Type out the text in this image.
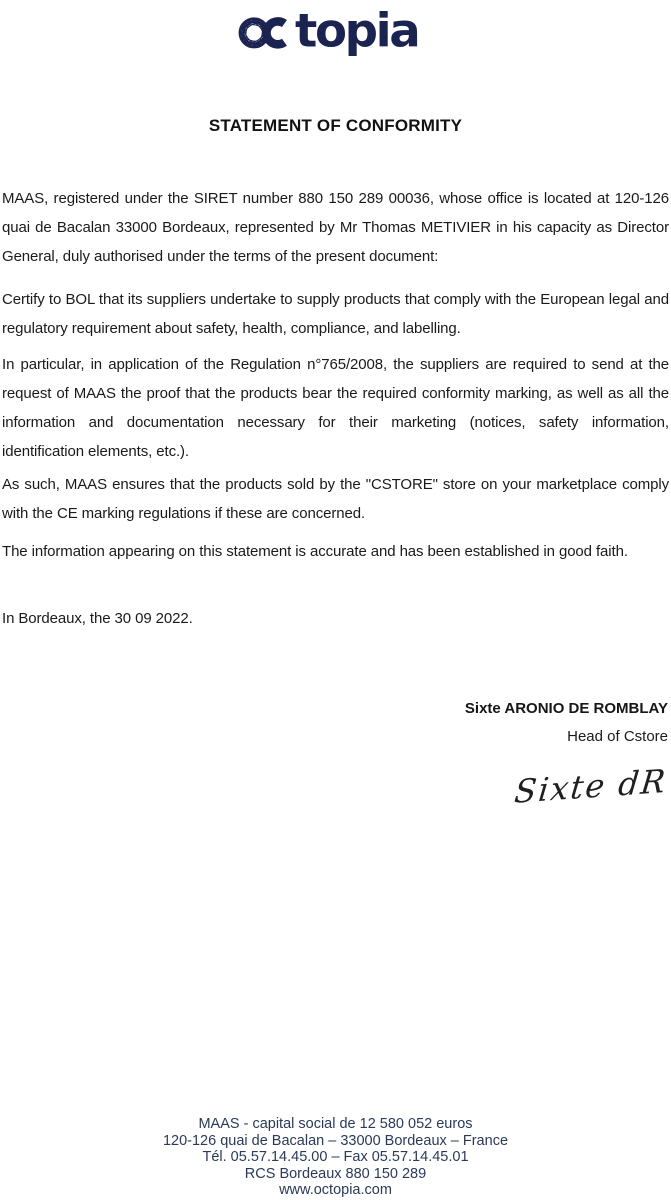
topia
STATEMENT OF CONFORMITY

MAAS, registered under the SIRET number 880 150 289 00036, whose office is located at 120-126 quai de Bacalan 33000 Bordeaux, represented by Mr Thomas METIVIER in his capacity as Director General, duly authorised under the terms of the present document:

Certify to BOL that its suppliers undertake to supply products that comply with the European legal and regulatory requirement about safety, health, compliance, and labelling.

In particular, in application of the Regulation n°765/2008, the suppliers are required to send at the request of MAAS the proof that the products bear the required conformity marking, as well as all the information and documentation necessary for their marketing (notices, safety information, identification elements, etc.).

As such, MAAS ensures that the products sold by the "CSTORE" store on your marketplace comply with the CE marking regulations if these are concerned.

The information appearing on this statement is accurate and has been established in good faith.

In Bordeaux, the 30 09 2022.

Sixte ARONIO DE ROMBLAY
Head of Cstore
Sixte dR
MAAS - capital social de 12 580 052 euros
120-126 quai de Bacalan – 33000 Bordeaux – France
Tél. 05.57.14.45.00 – Fax 05.57.14.45.01
RCS Bordeaux 880 150 289
www.octopia.com
